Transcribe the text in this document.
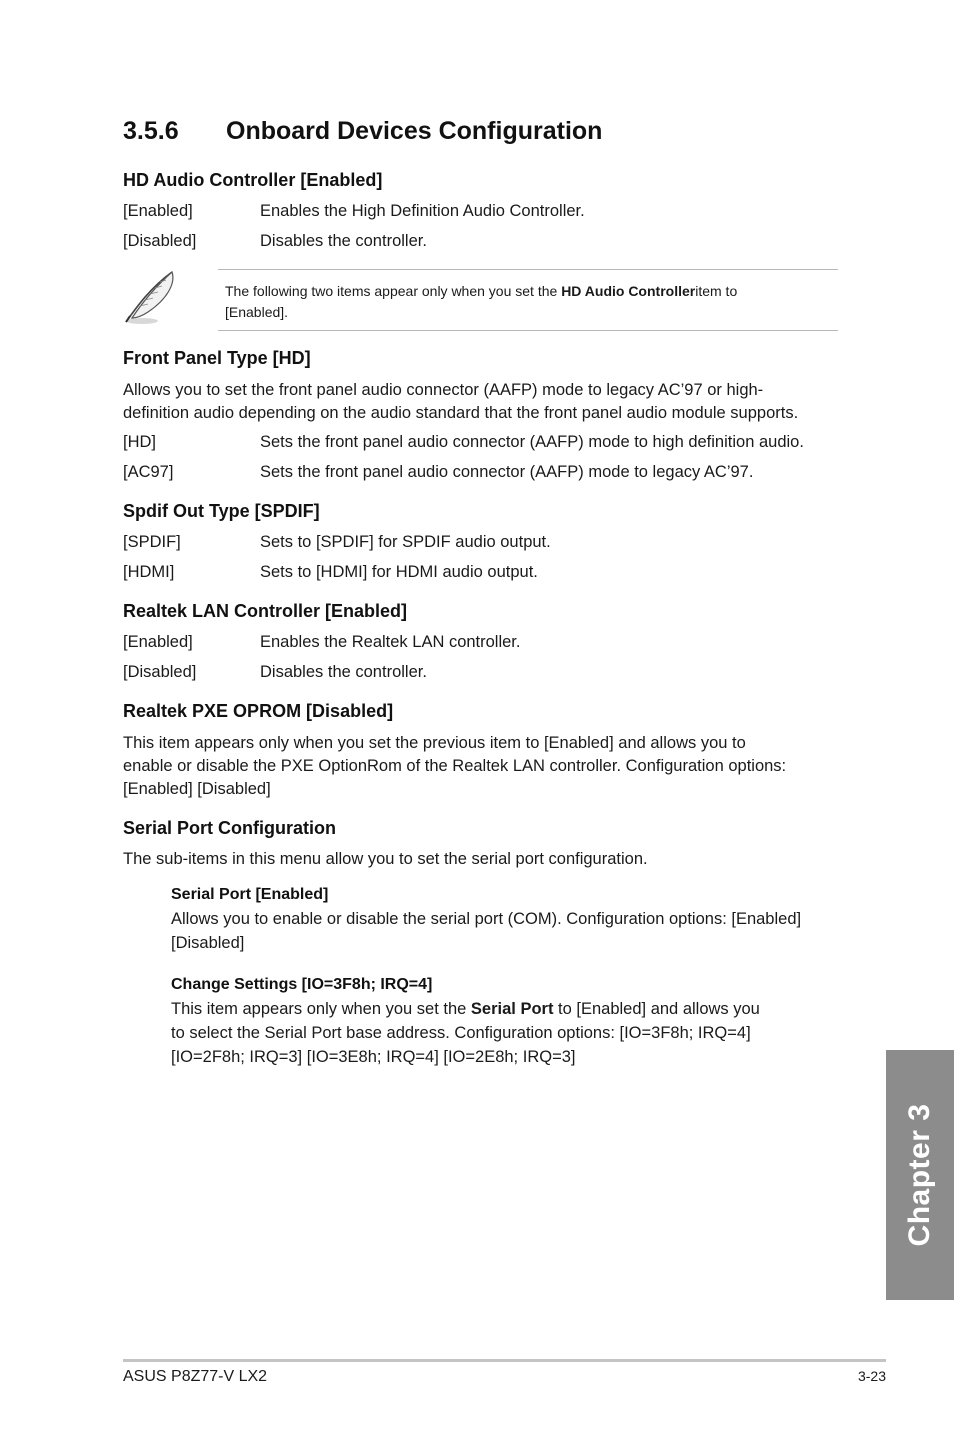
3.5.6 Onboard Devices Configuration
HD Audio Controller [Enabled]
[Enabled]	Enables the High Definition Audio Controller.
[Disabled]	Disables the controller.
The following two items appear only when you set the HD Audio Controlleritem to
[Enabled].
Front Panel Type [HD]
Allows you to set the front panel audio connector (AAFP) mode to legacy AC’97 or high-
definition audio depending on the audio standard that the front panel audio module supports.
[HD]	Sets the front panel audio connector (AAFP) mode to high definition audio.
[AC97]	Sets the front panel audio connector (AAFP) mode to legacy AC’97.
Spdif Out Type [SPDIF]
[SPDIF]	Sets to [SPDIF] for SPDIF audio output.
[HDMI]	Sets to [HDMI] for HDMI audio output.
Realtek LAN Controller [Enabled]
[Enabled]	Enables the Realtek LAN controller.
[Disabled]	Disables the controller.
Realtek PXE OPROM [Disabled]
This item appears only when you set the previous item to [Enabled] and allows you to
enable or disable the PXE OptionRom of the Realtek LAN controller. Configuration options:
[Enabled] [Disabled]
Serial Port Configuration
The sub-items in this menu allow you to set the serial port configuration.
Serial Port [Enabled]
Allows you to enable or disable the serial port (COM). Configuration options: [Enabled]
[Disabled]
Change Settings [IO=3F8h; IRQ=4]
This item appears only when you set the Serial Port to [Enabled] and allows you
to select the Serial Port base address. Configuration options: [IO=3F8h; IRQ=4]
[IO=2F8h; IRQ=3] [IO=3E8h; IRQ=4] [IO=2E8h; IRQ=3]
Chapter 3
ASUS P8Z77-V LX2	3-23
